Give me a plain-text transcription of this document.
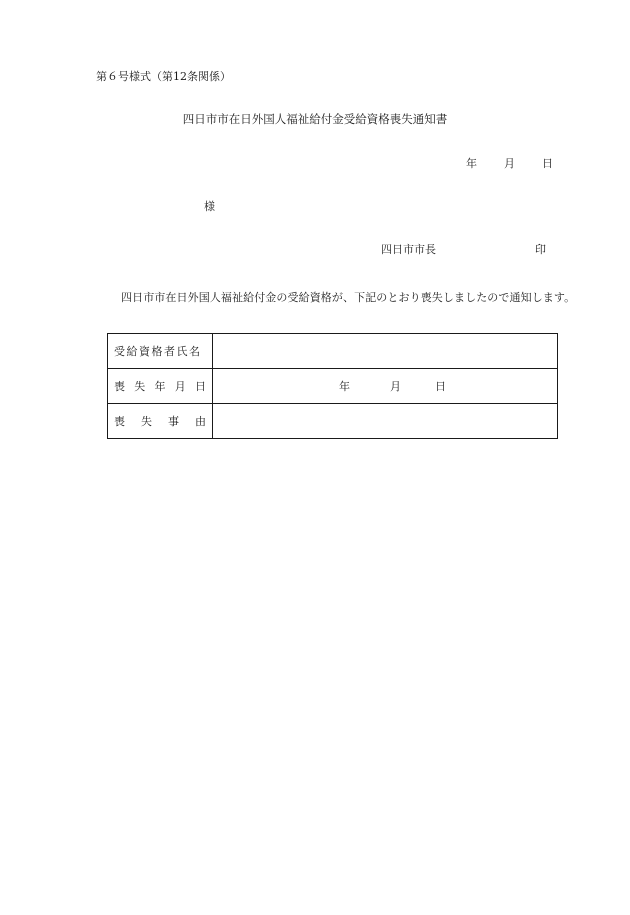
第６号様式（第12条関係）
四日市市在日外国人福祉給付金受給資格喪失通知書
年 月 日
様
四日市市長	印
四日市市在日外国人福祉給付金の受給資格が、下記のとおり喪失しましたので通知します。
受給資格者氏名	

喪 失 年 月 日	年 月 日

喪 失 事 由	
